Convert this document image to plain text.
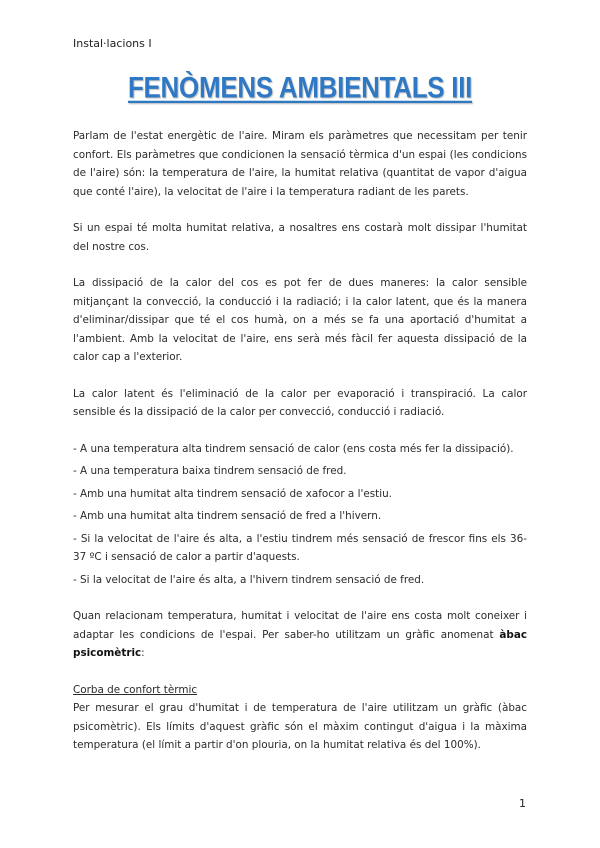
Instal·lacions I
FENÒMENS AMBIENTALS III

Parlam de l'estat energètic de l'aire. Miram els paràmetres que necessitam per tenir confort. Els paràmetres que condicionen la sensació tèrmica d'un espai (les condicions de l'aire) són: la temperatura de l'aire, la humitat relativa (quantitat de vapor d'aigua que conté l'aire), la velocitat de l'aire i la temperatura radiant de les parets.

Si un espai té molta humitat relativa, a nosaltres ens costarà molt dissipar l'humitat del nostre cos.

La dissipació de la calor del cos es pot fer de dues maneres: la calor sensible mitjançant la convecció, la conducció i la radiació; i la calor latent, que és la manera d'eliminar/dissipar que té el cos humà, on a més se fa una aportació d'humitat a l'ambient. Amb la velocitat de l'aire, ens serà més fàcil fer aquesta dissipació de la calor cap a l'exterior.

La calor latent és l'eliminació de la calor per evaporació i transpiració. La calor sensible és la dissipació de la calor per convecció, conducció i radiació.

- A una temperatura alta tindrem sensació de calor (ens costa més fer la dissipació).

- A una temperatura baixa tindrem sensació de fred.

- Amb una humitat alta tindrem sensació de xafocor a l'estiu.

- Amb una humitat alta tindrem sensació de fred a l'hivern.

- Si la velocitat de l'aire és alta, a l'estiu tindrem més sensació de frescor fins els 36-37 ºC i sensació de calor a partir d'aquests.

- Si la velocitat de l'aire és alta, a l'hivern tindrem sensació de fred.

Quan relacionam temperatura, humitat i velocitat de l'aire ens costa molt coneixer i adaptar les condicions de l'espai. Per saber-ho utilitzam un gràfic anomenat àbac psicomètric:

Corba de confort tèrmic

Per mesurar el grau d'humitat i de temperatura de l'aire utilitzam un gràfic (àbac psicomètric). Els límits d'aquest gràfic són el màxim contingut d'aigua i la màxima temperatura (el límit a partir d'on plouria, on la humitat relativa és del 100%).

1
